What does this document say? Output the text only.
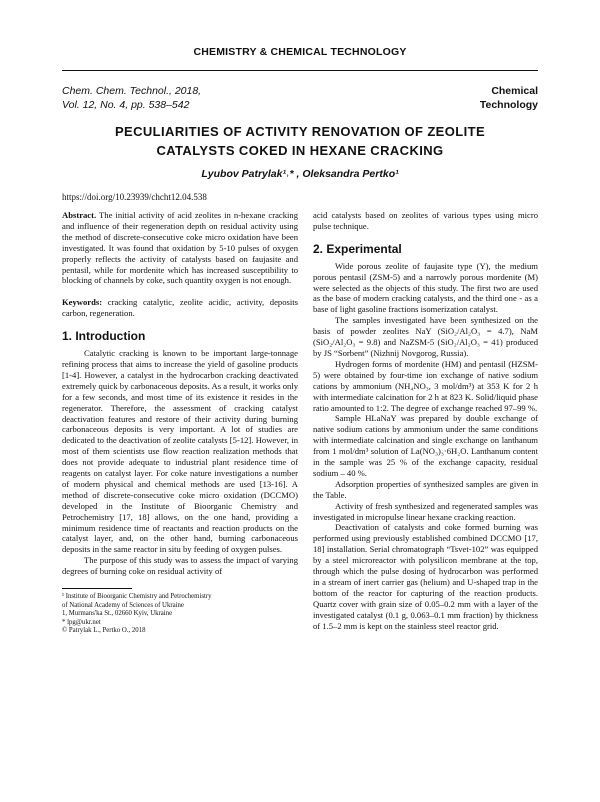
CHEMISTRY & CHEMICAL TECHNOLOGY
Chem. Chem. Technol., 2018,
Vol. 12, No. 4, pp. 538–542
Chemical
Technology
PECULIARITIES OF ACTIVITY RENOVATION OF ZEOLITE
CATALYSTS COKED IN HEXANE CRACKING
Lyubov Patrylak¹˒* , Oleksandra Pertko¹
https://doi.org/10.23939/chcht12.04.538

Abstract. The initial activity of acid zeolites in n-hexane cracking and influence of their regeneration depth on residual activity using the method of discrete-consecutive coke micro oxidation have been investigated. It was found that oxidation by 5-10 pulses of oxygen properly reflects the activity of catalysts based on faujasite and pentasil, while for mordenite which has increased susceptibility to blocking of channels by coke, such quantity oxygen is not enough.

Keywords: cracking catalytic, zeolite acidic, activity, deposits carbon, regeneration.

1. Introduction

Catalytic cracking is known to be important large-tonnage refining process that aims to increase the yield of gasoline products [1-4]. However, a catalyst in the hydrocarbon cracking deactivated extremely quick by carbonaceous deposits. As a result, it works only for a few seconds, and most time of its existence it resides in the regenerator. Therefore, the assessment of cracking catalyst deactivation features and restore of their activity during burning carbonaceous deposits is very important. A lot of studies are dedicated to the deactivation of zeolite catalysts [5-12]. However, in most of them scientists use flow reaction realization methods that does not provide adequate to industrial plant residence time of reagents on catalyst layer. For coke nature investigations a number of modern physical and chemical methods are used [13-16]. A method of discrete-consecutive coke micro oxidation (DCCMO) developed in the Institute of Bioorganic Chemistry and Petrochemistry [17, 18] allows, on the one hand, providing a minimum residence time of reactants and reaction products on the catalyst layer, and, on the other hand, burning carbonaceous deposits in the same reactor in situ by feeding of oxygen pulses.

The purpose of this study was to assess the impact of varying degrees of burning coke on residual activity of

¹ Institute of Bioorganic Chemistry and Petrochemistry
of National Academy of Sciences of Ukraine
1, Murmans'ka St., 02660 Kyiv, Ukraine
* lpg@ukr.net
© Patrylak L., Pertko O., 2018

acid catalysts based on zeolites of various types using micro pulse technique.

2. Experimental

Wide porous zeolite of faujasite type (Y), the medium porous pentasil (ZSM-5) and a narrowly porous mordenite (M) were selected as the objects of this study. The first two are used as the base of modern cracking catalysts, and the third one - as a base of light gasoline fractions isomerization catalyst.

The samples investigated have been synthesized on the basis of powder zeolites NaY (SiO₂/Al₂O₃ = 4.7), NaM (SiO₂/Al₂O₃ = 9.8) and NaZSM-5 (SiO₂/Al₂O₃ = 41) produced by JS “Sorbent” (Nizhnij Novgorog, Russia).

Hydrogen forms of mordenite (HM) and pentasil (HZSM-5) were obtained by four-time ion exchange of native sodium cations by ammonium (NH₄NO₃, 3 mol/dm³) at 353 K for 2 h with intermediate calcination for 2 h at 823 K. Solid/liquid phase ratio amounted to 1:2. The degree of exchange reached 97–99 %.

Sample HLaNaY was prepared by double exchange of native sodium cations by ammonium under the same conditions with intermediate calcination and single exchange on lanthanum from 1 mol/dm³ solution of La(NO₃)₃·6H₂O. Lanthanum content in the sample was 25 % of the exchange capacity, residual sodium – 40 %.

Adsorption properties of synthesized samples are given in the Table.

Activity of fresh synthesized and regenerated samples was investigated in micropulse linear hexane cracking reaction.

Deactivation of catalysts and coke formed burning was performed using previously established combined DCCMO [17, 18] installation. Serial chromatograph “Tsvet-102” was equipped by a steel microreactor with polysilicon membrane at the top, through which the pulse dosing of hydrocarbon was performed in a stream of inert carrier gas (helium) and U-shaped trap in the bottom of the reactor for capturing of the reaction products. Quartz cover with grain size of 0.05–0.2 mm with a layer of the investigated catalyst (0.1 g, 0.063–0.1 mm fraction) by thickness of 1.5–2 mm is kept on the stainless steel reactor grid.
